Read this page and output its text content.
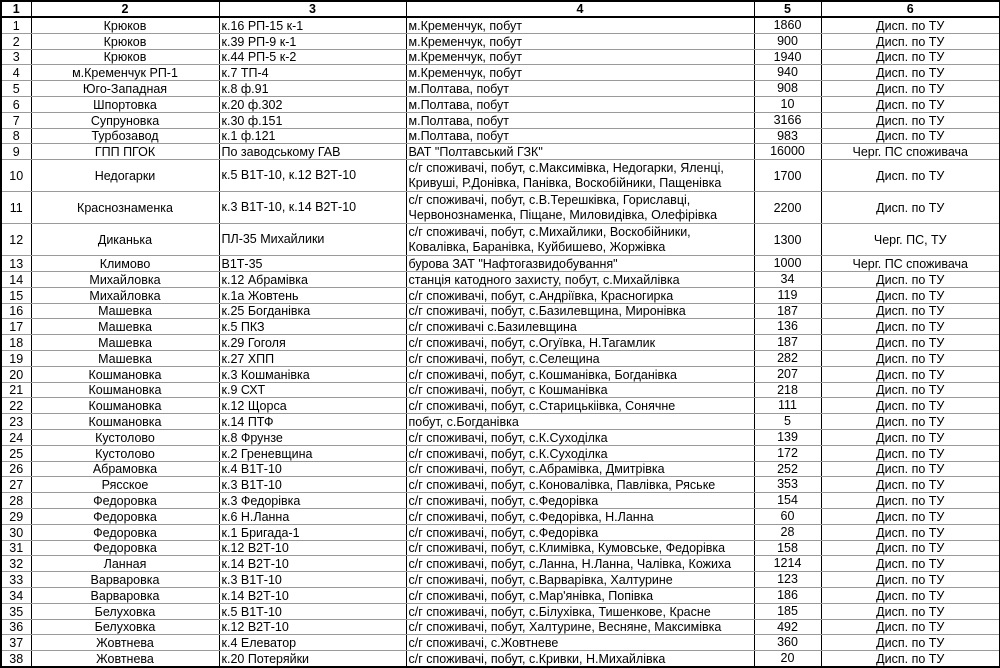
1	2	3	4	5	6
1	Крюков	к.16 РП-15 к-1	м.Кременчук, побут	1860	Дисп. по ТУ
2	Крюков	к.39 РП-9 к-1	м.Кременчук, побут	900	Дисп. по ТУ
3	Крюков	к.44 РП-5 к-2	м.Кременчук, побут	1940	Дисп. по ТУ
4	м.Кременчук РП-1	к.7 ТП-4	м.Кременчук, побут	940	Дисп. по ТУ
5	Юго-Западная	к.8 ф.91	м.Полтава, побут	908	Дисп. по ТУ
6	Шпортовка	к.20 ф.302	м.Полтава, побут	10	Дисп. по ТУ
7	Супруновка	к.30 ф.151	м.Полтава, побут	3166	Дисп. по ТУ
8	Турбозавод	к.1 ф.121	м.Полтава, побут	983	Дисп. по ТУ
9	ГПП ПГОК	По заводському ГАВ	ВАТ "Полтавський ГЗК"	16000	Черг. ПС споживача
10	Недогарки	к.5 В1Т-10, к.12 В2Т-10	с/г споживачі, побут, с.Максимівка, Недогарки, Яленці, Кривуші, Р.Донівка, Панівка, Воскобійники, Пащенівка	1700	Дисп. по ТУ
11	Краснознаменка	к.3 В1Т-10, к.14 В2Т-10	с/г споживачі, побут, с.В.Терешківка, Гориславці, Червонознаменка, Піщане, Миловидівка, Олефірівка	2200	Дисп. по ТУ
12	Диканька	ПЛ-35 Михайлики	с/г споживачі, побут, с.Михайлики, Воскобійники, Ковалівка, Баранівка, Куйбишево, Жоржівка	1300	Черг. ПС, ТУ
13	Климово	В1Т-35	бурова ЗАТ "Нафтогазвидобування"	1000	Черг. ПС споживача
14	Михайловка	к.12 Абрамівка	станція катодного захисту, побут, с.Михайлівка	34	Дисп. по ТУ
15	Михайловка	к.1а Жовтень	с/г споживачі, побут, с.Андріївка, Красногирка	119	Дисп. по ТУ
16	Машевка	к.25 Богданівка	с/г споживачі, побут, с.Базилевщина, Миронівка	187	Дисп. по ТУ
17	Машевка	к.5 ПКЗ	с/г споживачі с.Базилевщина	136	Дисп. по ТУ
18	Машевка	к.29 Гоголя	с/г споживачі, побут, с.Огуївка, Н.Тагамлик	187	Дисп. по ТУ
19	Машевка	к.27 ХПП	с/г споживачі, побут, с.Селещина	282	Дисп. по ТУ
20	Кошмановка	к.3 Кошманівка	с/г споживачі, побут, с.Кошманівка, Богданівка	207	Дисп. по ТУ
21	Кошмановка	к.9 СХТ	с/г споживачі, побут, с Кошманівка	218	Дисп. по ТУ
22	Кошмановка	к.12 Щорса	с/г споживачі, побут, с.Старицькіівка, Сонячне	111	Дисп. по ТУ
23	Кошмановка	к.14 ПТФ	побут, с.Богданівка	5	Дисп. по ТУ
24	Кустолово	к.8 Фрунзе	с/г споживачі, побут, с.К.Суходілка	139	Дисп. по ТУ
25	Кустолово	к.2 Греневщина	с/г споживачі, побут, с.К.Суходілка	172	Дисп. по ТУ
26	Абрамовка	к.4 В1Т-10	с/г споживачі, побут, с.Абрамівка, Дмитрівка	252	Дисп. по ТУ
27	Рясское	к.3 В1Т-10	с/г споживачі, побут, с.Коновалівка, Павлівка, Ряське	353	Дисп. по ТУ
28	Федоровка	к.3 Федорівка	с/г споживачі, побут, с.Федорівка	154	Дисп. по ТУ
29	Федоровка	к.6 Н.Ланна	с/г споживачі, побут, с.Федорівка, Н.Ланна	60	Дисп. по ТУ
30	Федоровка	к.1 Бригада-1	с/г споживачі, побут, с.Федорівка	28	Дисп. по ТУ
31	Федоровка	к.12 В2Т-10	с/г споживачі, побут, с.Климівка, Кумовське, Федорівка	158	Дисп. по ТУ
32	Ланная	к.14 В2Т-10	с/г споживачі, побут, с.Ланна, Н.Ланна, Чалівка, Кожиха	1214	Дисп. по ТУ
33	Варваровка	к.3 В1Т-10	с/г споживачі, побут, с.Варварівка, Халтурине	123	Дисп. по ТУ
34	Варваровка	к.14 В2Т-10	с/г споживачі, побут, с.Мар'янівка, Попівка	186	Дисп. по ТУ
35	Белуховка	к.5 В1Т-10	с/г споживачі, побут, с.Білухівка, Тишенкове, Красне	185	Дисп. по ТУ
36	Белуховка	к.12 В2Т-10	с/г споживачі, побут, Халтурине, Весняне, Максимівка	492	Дисп. по ТУ
37	Жовтнева	к.4 Елеватор	с/г споживачі, с.Жовтневе	360	Дисп. по ТУ
38	Жовтнева	к.20 Потеряйки	с/г споживачі, побут, с.Кривки, Н.Михайлівка	20	Дисп. по ТУ
